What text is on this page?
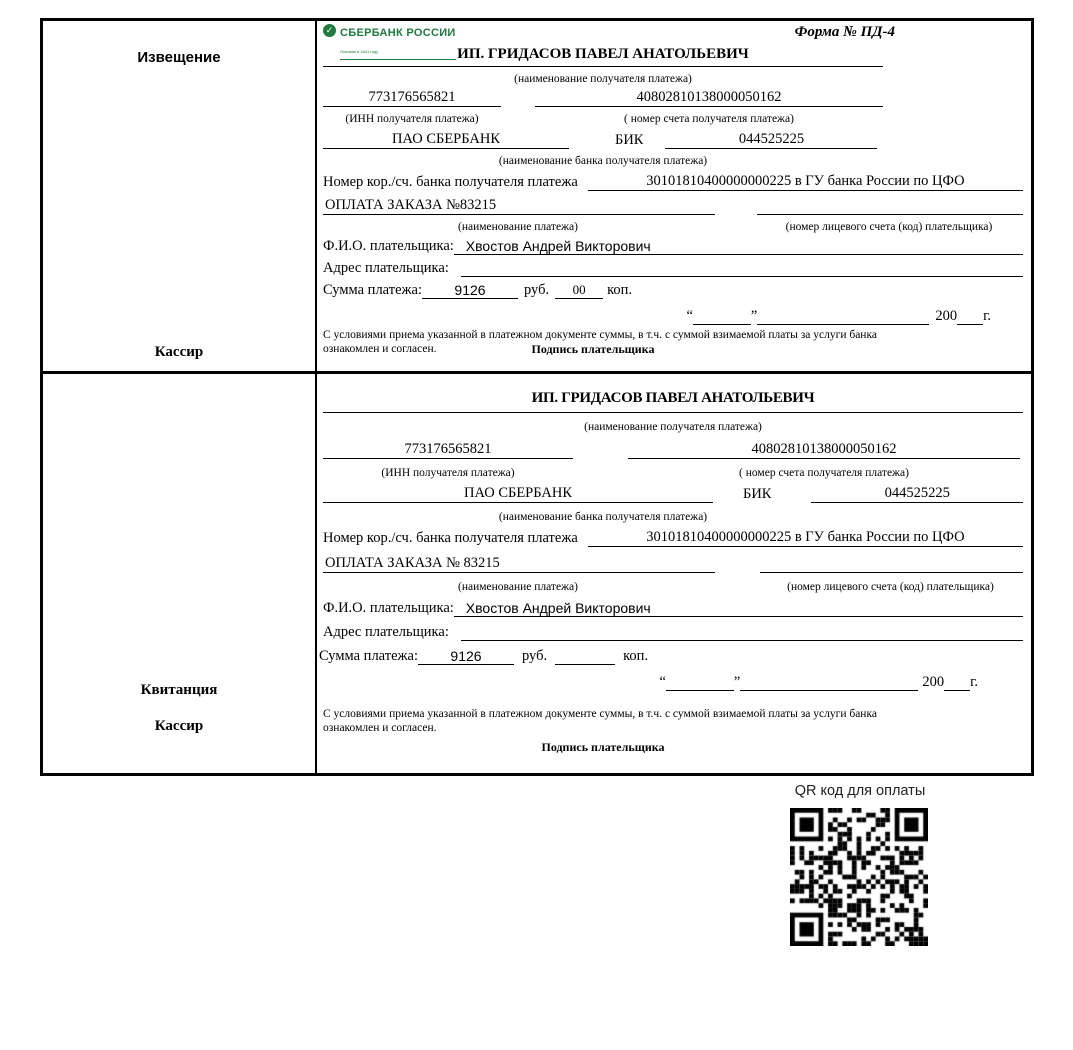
Извещение
Кассир
✓ СБЕРБАНК РОССИИ
Основан в 1841 году
Форма № ПД-4
ИП. ГРИДАСОВ ПАВЕЛ АНАТОЛЬЕВИЧ
(наименование получателя платежа)
773176565821	40802810138000050162
(ИНН получателя платежа)	( номер счета получателя платежа)
ПАО СБЕРБАНК	БИК	044525225
(наименование банка получателя платежа)
Номер кор./сч. банка получателя платежа	30101810400000000225 в ГУ банка России по ЦФО
ОПЛАТА ЗАКАЗА №83215
(наименование платежа)	(номер лицевого счета (код) плательщика)
Ф.И.О. плательщика: Хвостов Андрей Викторович
Адрес плательщика:
Сумма платежа:	9126	руб.	00	коп.
“	”	200 г.
С условиями приема указанной в платежном документе суммы, в т.ч. с суммой взимаемой платы за услуги банка
ознакомлен и согласен.	Подпись плательщика
Квитанция
Кассир
ИП. ГРИДАСОВ ПАВЕЛ АНАТОЛЬЕВИЧ
(наименование получателя платежа)
773176565821	40802810138000050162
(ИНН получателя платежа)	( номер счета получателя платежа)
ПАО СБЕРБАНК	БИК	044525225
(наименование банка получателя платежа)
Номер кор./сч. банка получателя платежа	30101810400000000225 в ГУ банка России по ЦФО
ОПЛАТА ЗАКАЗА № 83215
(наименование платежа)	(номер лицевого счета (код) плательщика)
Ф.И.О. плательщика: Хвостов Андрей Викторович
Адрес плательщика:
Сумма платежа:	9126	руб.	коп.
“	”	200 г.
С условиями приема указанной в платежном документе суммы, в т.ч. с суммой взимаемой платы за услуги банка
ознакомлен и согласен.
Подпись плательщика
QR код для оплаты
